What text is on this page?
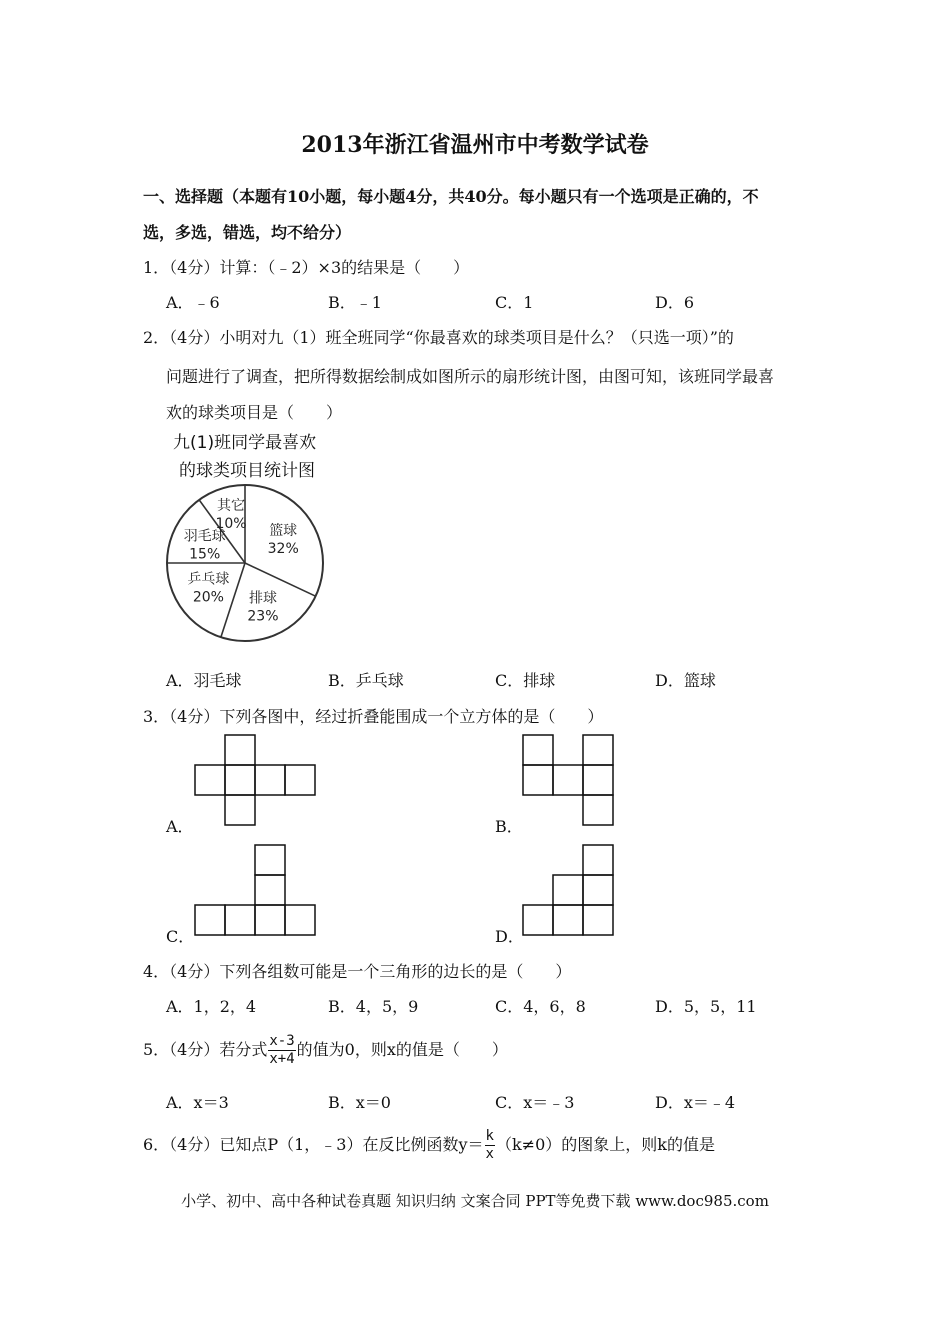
2013年浙江省温州市中考数学试卷
一、选择题（本题有10小题，每小题4分，共40分。每小题只有一个选项是正确的，不
选，多选，错选，均不给分）
1．（4分）计算：（﹣2）×3的结果是（　　）
A．﹣6	B．﹣1	C．1	D．6
2．（4分）小明对九（1）班全班同学“你最喜欢的球类项目是什么？（只选一项）”的
问题进行了调查，把所得数据绘制成如图所示的扇形统计图，由图可知，该班同学最喜
欢的球类项目是（　　）
九(1)班同学最喜欢
的球类项目统计图
篮球
32%
排球
23%
乒乓球
20%
羽毛球
15%
其它
10%
A．羽毛球	B．乒乓球	C．排球	D．篮球
3．（4分）下列各图中，经过折叠能围成一个立方体的是（　　）
A．	B．
C．	D．
4．（4分）下列各组数可能是一个三角形的边长的是（　　）
A．1，2，4	B．4，5，9	C．4，6，8	D．5，5，11
5．（4分）若分式 $\frac{x-3}{x+4}$ 的值为0，则x的值是（　　）
A．x＝3	B．x＝0	C．x＝﹣3	D．x＝﹣4
6．（4分）已知点P（1，﹣3）在反比例函数$y= \frac{k}{x} (k\ne 0)$的图象上，则k的值是
小学、初中、高中各种试卷真题 知识归纳 文案合同 PPT等免费下载 www.doc985.com
